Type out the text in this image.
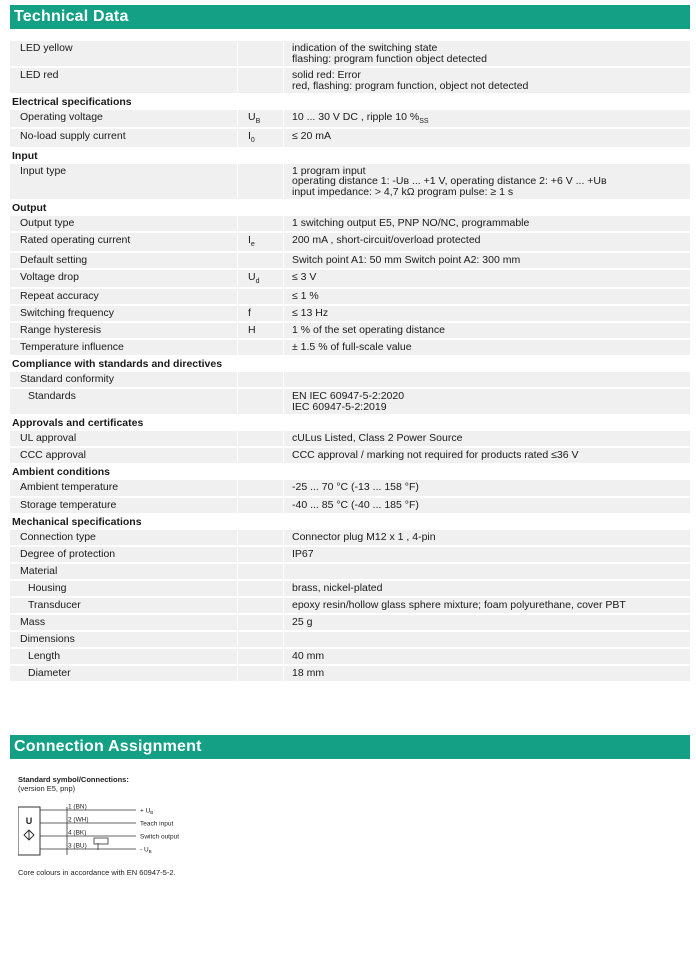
Technical Data
LED yellow	indication of the switching state
flashing: program function object detected
LED red	solid red: Error
red, flashing: program function, object not detected
Electrical specifications
Operating voltage	$U_B$	10 ... 30 V DC , ripple 10 $\%_{SS}$
No-load supply current	$I_0$	≤ 20 mA
Input
Input type	1 program input
operating distance 1: -Uʙ ... +1 V, operating distance 2: +6 V ... +Uʙ
input impedance: > 4,7 kΩ program pulse: ≥ 1 s
Output
Output type	1 switching output E5, PNP NO/NC, programmable
Rated operating current	$I_e$	200 mA , short-circuit/overload protected
Default setting	Switch point A1: 50 mm Switch point A2: 300 mm
Voltage drop	$U_d$	≤ 3 V
Repeat accuracy	≤ 1 %
Switching frequency	f	≤ 13 Hz
Range hysteresis	H	1 % of the set operating distance
Temperature influence	± 1.5 % of full-scale value
Compliance with standards and directives
Standard conformity

Standards	EN IEC 60947-5-2:2020
IEC 60947-5-2:2019
Approvals and certificates
UL approval	cULus Listed, Class 2 Power Source
CCC approval	CCC approval / marking not required for products rated ≤36 V
Ambient conditions
Ambient temperature	-25 ... 70 °C (-13 ... 158 °F)
Storage temperature	-40 ... 85 °C (-40 ... 185 °F)
Mechanical specifications
Connection type	Connector plug M12 x 1 , 4-pin
Degree of protection	IP67
Material

Housing	brass, nickel-plated
Transducer	epoxy resin/hollow glass sphere mixture; foam polyurethane, cover PBT
Mass	25 g
Dimensions

Length	40 mm
Diameter	18 mm
Connection Assignment
Standard symbol/Connections:
(version E5, pnp)
U
1 (BN)
+ $U_B$
2 (WH)
Teach input
4 (BK)
Switch output
3 (BU)
- $U_B$
Core colours in accordance with EN 60947-5-2.
